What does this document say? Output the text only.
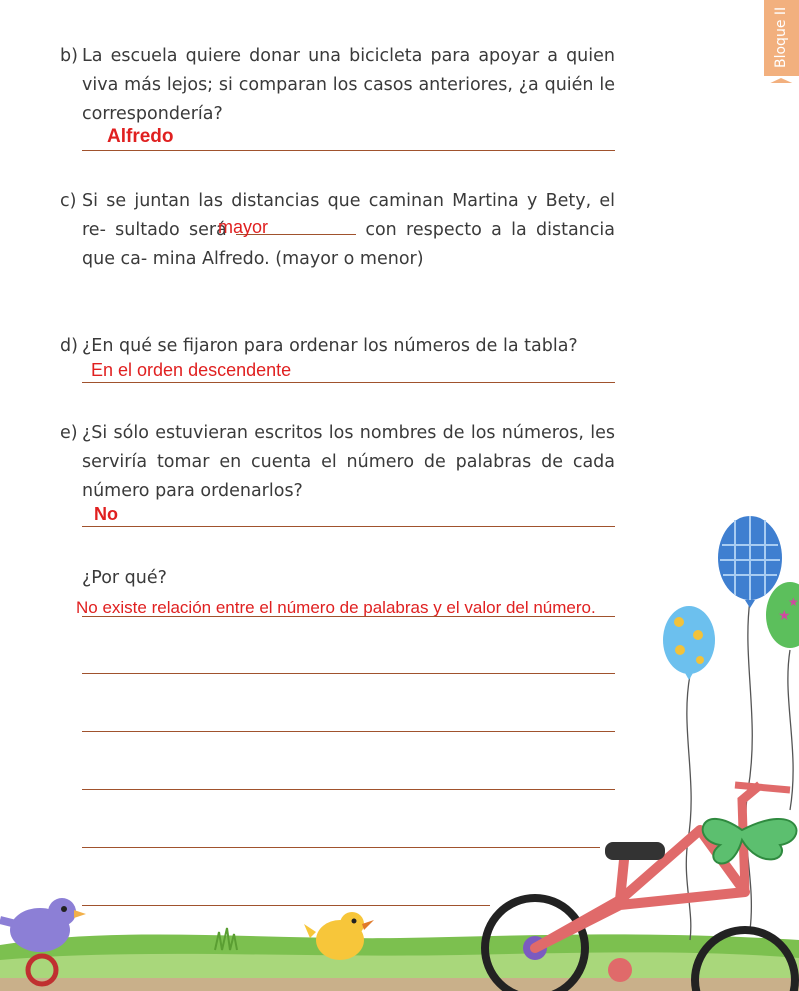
Bloque II
b) La escuela quiere donar una bicicleta para apoyar a quien viva más lejos; si comparan los casos anteriores, ¿a quién le correspondería?
Alfredo
c) Si se juntan las distancias que caminan Martina y Bety, el re- sultado será	con respecto a la distancia que ca- mina Alfredo. (mayor o menor)
mayor
d) ¿En qué se fijaron para ordenar los números de la tabla?
En el orden descendente
e) ¿Si sólo estuvieran escritos los nombres de los números, les serviría tomar en cuenta el número de palabras de cada número para ordenarlos?
No
¿Por qué?
No existe relación entre el número de palabras y el valor del número.	★
★
